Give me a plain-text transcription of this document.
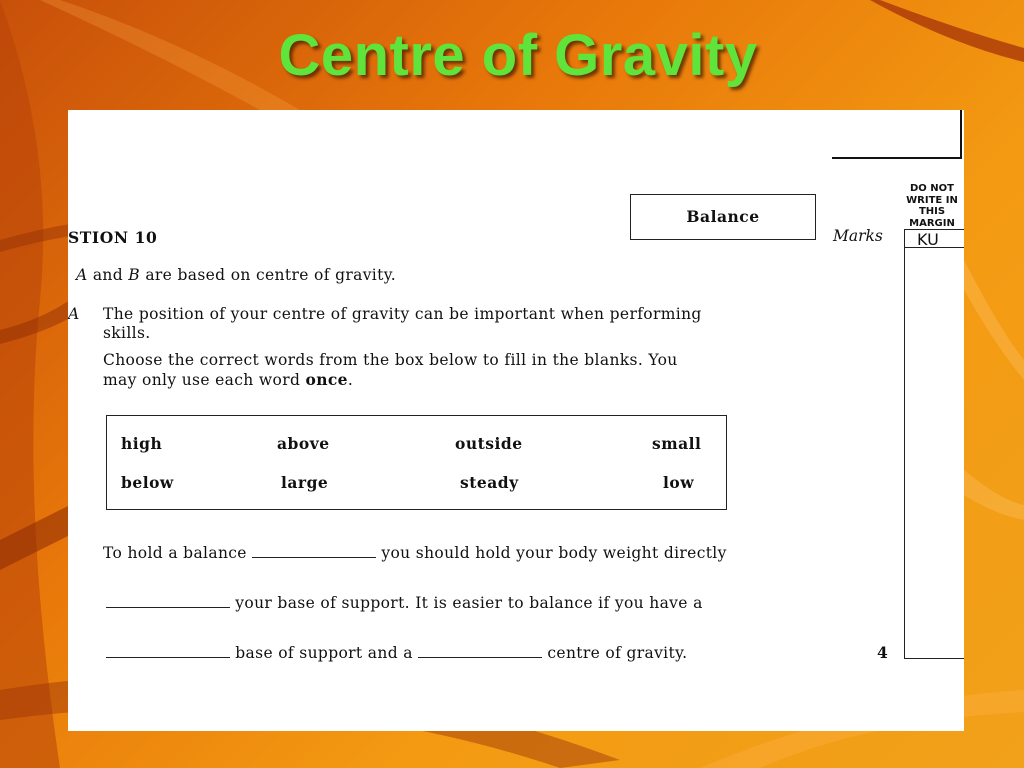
Centre of Gravity
Balance
DO NOT
WRITE IN
THIS
MARGIN
Marks	KU
STION 10
A and B are based on centre of gravity.
A The position of your centre of gravity can be important when performing
skills.
Choose the correct words from the box below to fill in the blanks. You
may only use each word once.
high	above	outside	small
below	large	steady	low
To hold a balance	you should hold your body weight directly
your base of support. It is easier to balance if you have a
base of support and a	centre of gravity.	4
